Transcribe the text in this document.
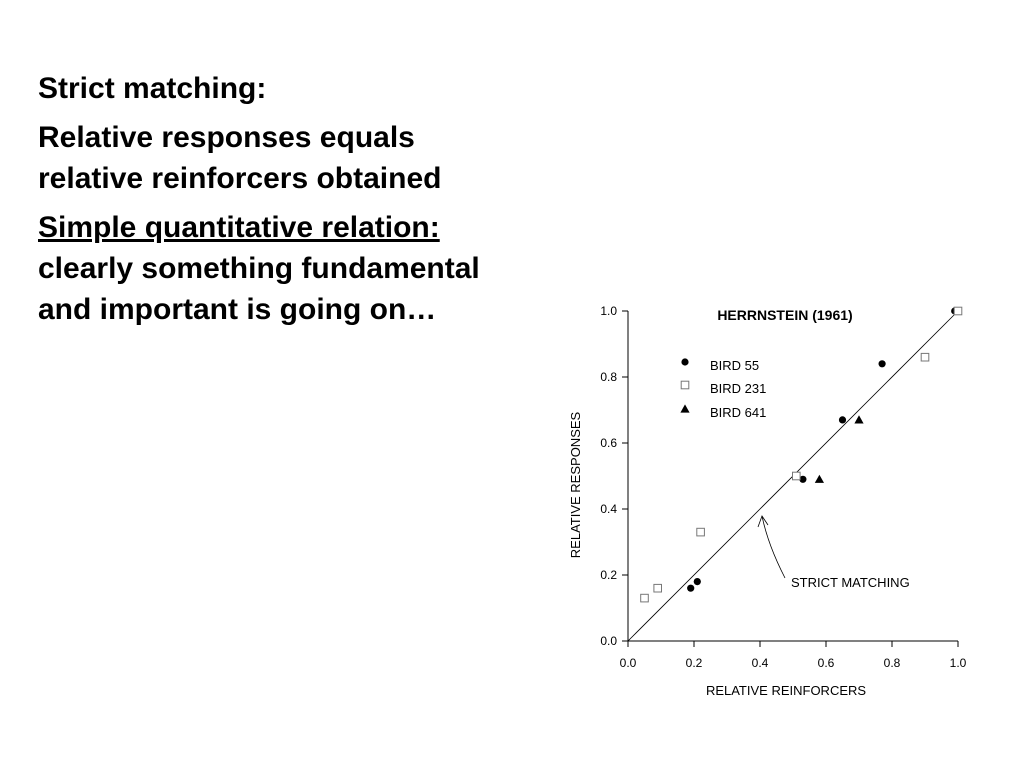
Strict matching:

Relative responses equals

relative reinforcers obtained

Simple quantitative relation:

clearly something fundamental

and important is going on…

0.0	0.2	0.4	0.6	0.8	1.0
0.0
0.2
0.4
0.6
0.8
1.0
BIRD 55
BIRD 231
BIRD 641
HERRNSTEIN (1961)
RELATIVE REINFORCERS
RELATIVE RESPONSES
STRICT MATCHING
